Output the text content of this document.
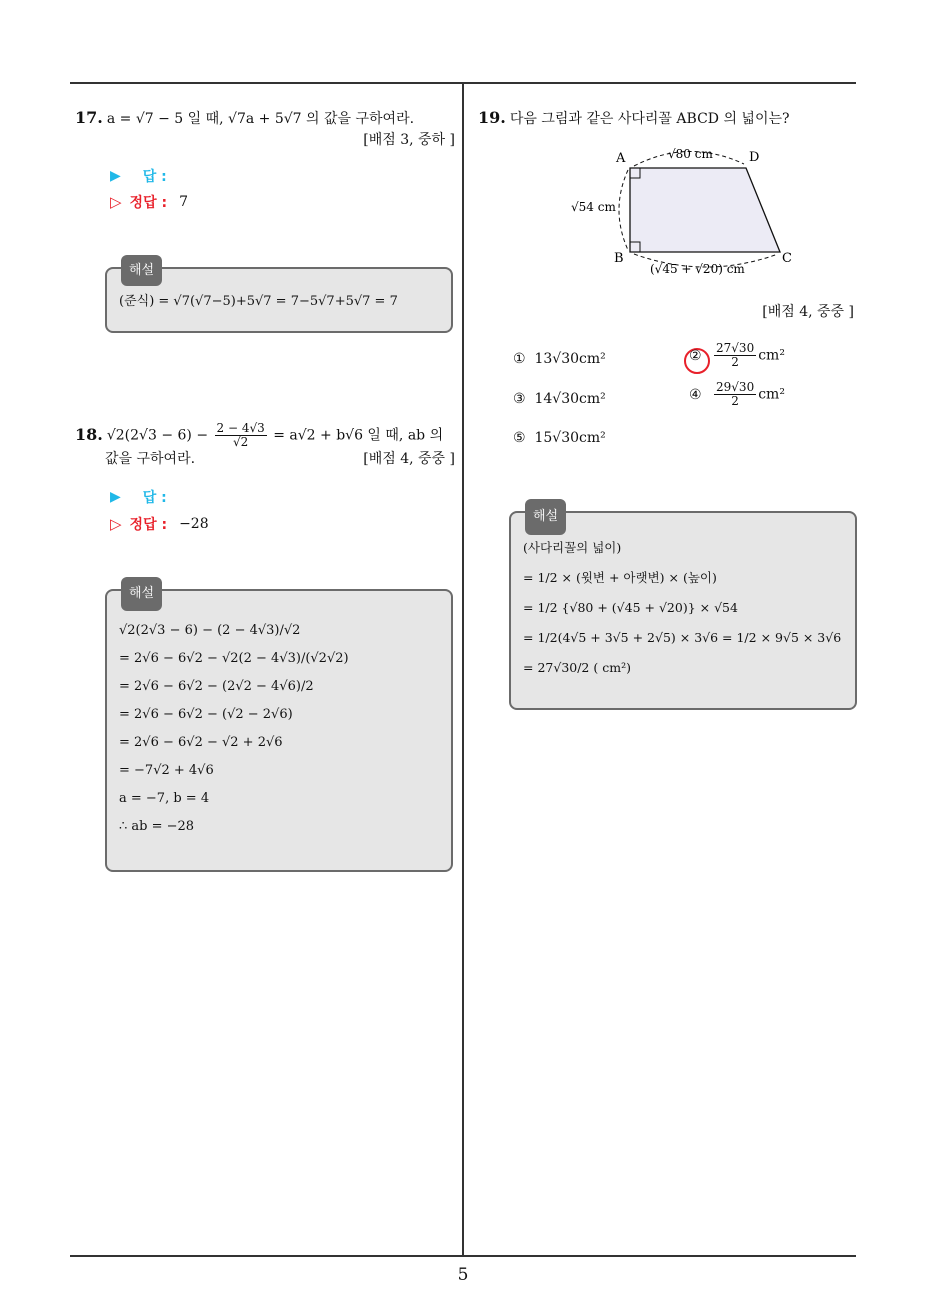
17. a = √7 − 5 일 때, √7a + 5√7 의 값을 구하여라.
[배점 3, 중하 ]
▶ 답 :
▷ 정답 : 7
해설
(준식) = √7(√7−5)+5√7 = 7−5√7+5√7 = 7
18. $√2(2√3 - 6) - \frac{2 - 4√3}{√2} = a√2 + b√6$ 일 때, ab 의
값을 구하여라.	[배점 4, 중중 ]
▶ 답 :
▷ 정답 : −28
해설
√2(2√3 − 6) − (2 − 4√3)/√2
= 2√6 − 6√2 − √2(2 − 4√3)/(√2√2)
= 2√6 − 6√2 − (2√2 − 4√6)/2
= 2√6 − 6√2 − (√2 − 2√6)
= 2√6 − 6√2 − √2 + 2√6
= −7√2 + 4√6
a = −7, b = 4
∴ ab = −28
19. 다음 그림과 같은 사다리꼴 ABCD 의 넓이는?
A	D
B	C
√80 cm
√54 cm
(√45 + √20) cm
[배점 4, 중중 ]
① 13√30cm²	② $\frac{27√30}{2} cm^2$
③ 14√30cm²	④ $\frac{29√30}{2} cm^2$
⑤ 15√30cm²
해설
(사다리꼴의 넓이)
= 1/2 × (윗변 + 아랫변) × (높이)
= 1/2 {√80 + (√45 + √20)} × √54
= 1/2(4√5 + 3√5 + 2√5) × 3√6 = 1/2 × 9√5 × 3√6
= 27√30/2 ( cm²)
5
